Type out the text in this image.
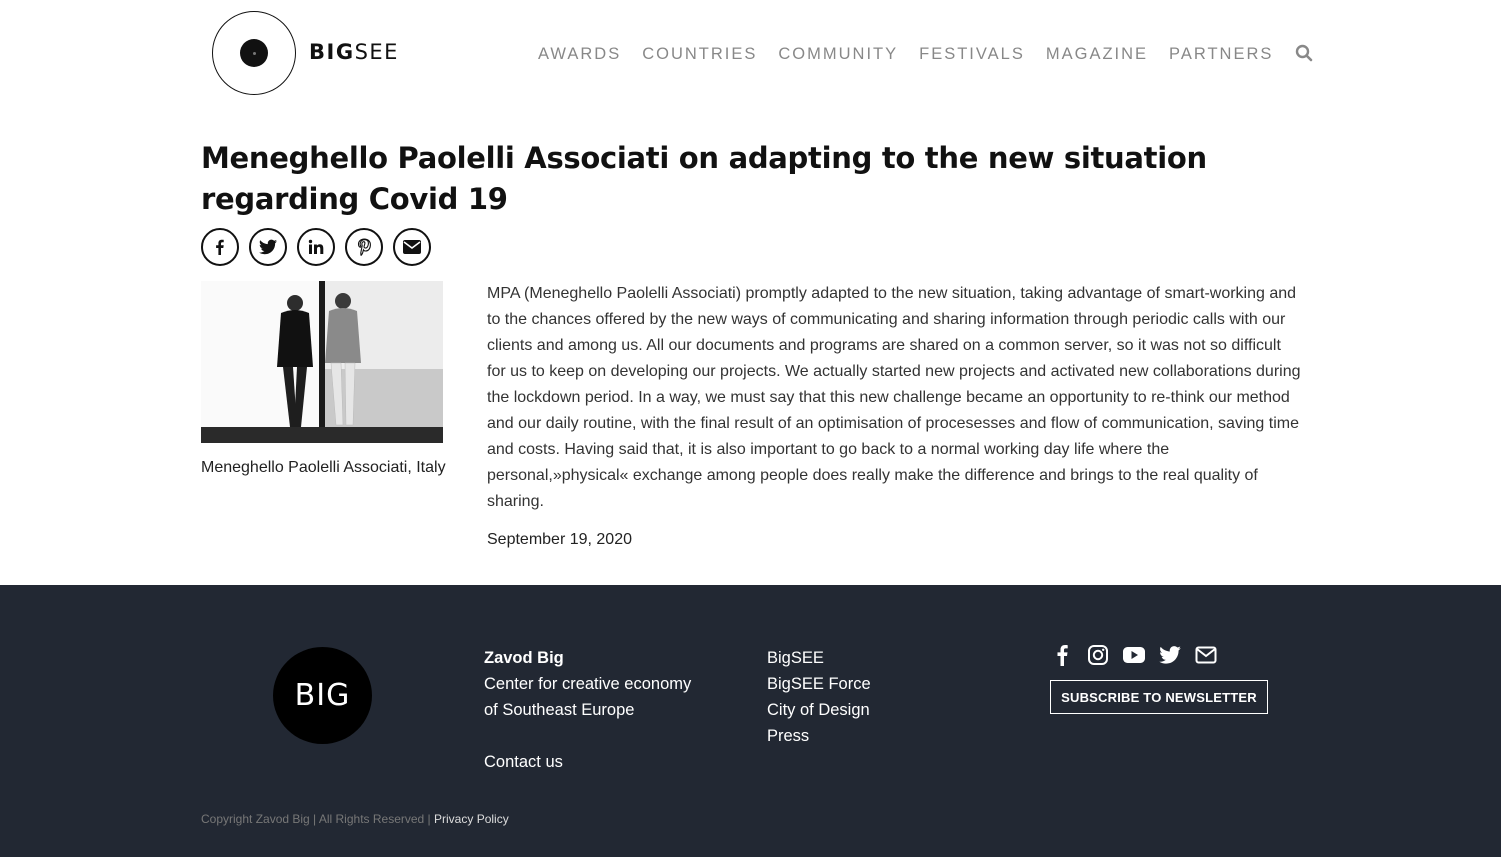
BIGSEE	AWARDS COUNTRIES COMMUNITY FESTIVALS MAGAZINE PARTNERS
Meneghello Paolelli Associati on adapting to the new situation regarding Covid 19
Meneghello Paolelli Associati, Italy

MPA (Meneghello Paolelli Associati) promptly adapted to the new situation, taking advantage of smart-working and to the chances offered by the new ways of communicating and sharing information through periodic calls with our clients and among us. All our documents and programs are shared on a common server, so it was not so difficult for us to keep on developing our projects. We actually started new projects and activated new collaborations during the lockdown period. In a way, we must say that this new challenge became an opportunity to re-think our method and our daily routine, with the final result of an optimisation of procesesses and flow of communication, saving time and costs. Having said that, it is also important to go back to a normal working day life where the personal,»physical« exchange among people does really make the difference and brings to the real quality of sharing.

September 19, 2020
BIG
Zavod Big
Center for creative economy
of Southeast Europe
Contact us
BigSEE
BigSEE Force
City of Design
Press
SUBSCRIBE TO NEWSLETTER
Copyright Zavod Big | All Rights Reserved | Privacy Policy
